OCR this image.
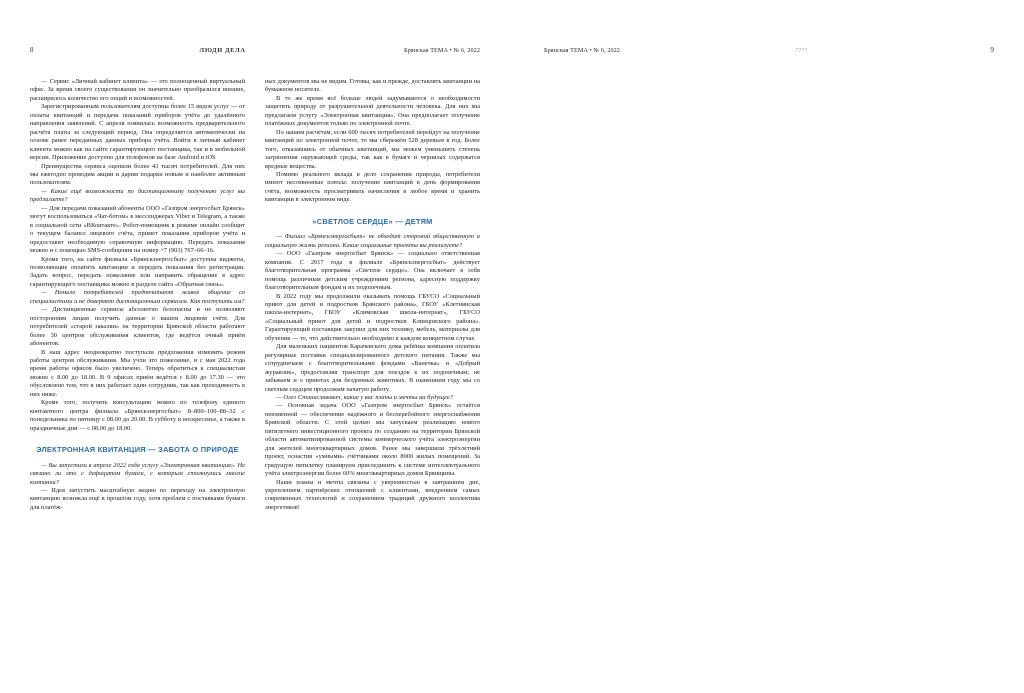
8	ЛЮДИ ДЕЛА	Брянская ТЕМА • № 6, 2022

— Сервис «Личный кабинет клиента» — это полноценный виртуальный офис. За время своего существования он значительно преобразился внешне, расширилось количество его опций и возможностей.

Зарегистрированным пользователям доступны более 15 видов услуг — от оплаты квитанций и передачи показаний приборов учёта до удалённого направления заявлений. С апреля появилась возможность предварительного расчёта платы за следующий период. Она определяется автоматически на основе ранее переданных данных прибора учёта. Войти в личный кабинет клиента можно как на сайте гарантирующего поставщика, так и в мобильной версии. Приложение доступно для телефонов на базе Android и iOS

Преимущества сервиса оценили более 43 тысяч потребителей. Для них мы ежегодно проводим акции и дарим подарки новым и наиболее активным пользователям.

— Какие ещё возможности по дистанционному получению услуг вы предлагаете?

— Для передачи показаний абоненты ООО «Газпром энергосбыт Брянск» могут воспользоваться «Чат-ботом» в мессенджерах Viber и Telegram, а также в социальной сети «ВКонтакте». Робот-помощник в режиме онлайн сообщит о текущем балансе лицевого счёта, примет показания приборов учёта и предоставит необходимую справочную информацию. Передать показания можно и с помощью SMS-сообщения на номер +7 (903) 767–66–16.

Кроме того, на сайте филиала «Брянскэнергосбыт» доступны виджеты, позволяющие оплатить квитанции и передать показания без регистрации. Задать вопрос, передать пожелание или направить обращение в адрес гарантирующего поставщика можно в разделе сайта «Обратная связь».

— Немало потребителей предпочитают живое общение со специалистами и не доверяют дистанционным сервисам. Как поступить им?

— Дистанционные сервисы абсолютно безопасны и не позволяют посторонним лицам получить данные о вашем лицевом счёте. Для потребителей «старой закалки» на территории Брянской области работают более 30 центров обслуживания клиентов, где ведётся очный приём абонентов.

В наш адрес неоднократно поступали предложения изменить режим работы центров обслуживания. Мы учли это пожелание, и с мая 2022 года время работы офисов было увеличено. Теперь обратиться к специалистам можно с 8.00 до 18.00. В 9 офисах приём ведётся с 8.00 до 17.30 — это обусловлено тем, что в них работает один сотрудник, так как проходимость в них ниже.

Кроме того, получить консультацию можно по телефону единого контактного центра филиала «Брянскэнергосбыт» 8–800–100–88–32 с понедельника по пятницу с 08.00 до 20.00. В субботу и воскресенье, а также в праздничные дни — с 08.00 до 18.00.

ЭЛЕКТРОННАЯ КВИТАНЦИЯ — ЗАБОТА О ПРИРОДЕ

— Вы запустили в апреле 2022 года услугу «Электронная квитанция». Не связано ли это с дефицитом бумаги, с которым столкнулись многие компании?

— Идея запустить масштабную акцию по переходу на электронную квитанцию возникла ещё в прошлом году, хотя проблем с поставками бумаги для платёж-

ных документов мы не видим. Готовы, как и прежде, доставлять квитанции на бумажном носителе.

В то же время всё больше людей задумываются о необходимости защитить природу от разрушительной деятельности человека. Для них мы предлагаем услугу «Электронная квитанция». Она предполагает получение платёжных документов только по электронной почте.

По нашим расчётам, если 600 тысяч потребителей перейдут на получение квитанций по электронной почте, то мы сбережём 528 деревьев в год. Более того, отказавшись от обычных квитанций, мы можем уменьшить степень загрязнения окружающей среды, так как в бумаге и чернилах содержатся вредные вещества.

Помимо реального вклада в дело сохранения природы, потребители имеют несомненные плюсы: получение квитанций в день формирования счёта, возможность просматривать начисления в любое время и хранить квитанции в электронном виде.

«СВЕТЛОЕ СЕРДЦЕ» — ДЕТЯМ

— Филиал «Брянскэнергосбыт» не обходит стороной общественную и социальную жизнь региона. Какие социальные проекты вы реализуете?

— ООО «Газпром энергосбыт Брянск» — социально ответственная компания. С 2017 года в филиале «Брянскэнергосбыт» действует благотворительная программа «Светлое сердце». Она включает в себя помощь различным детским учреждениям региона, адресную поддержку благотворительным фондам и их подопечным.

В 2022 году мы продолжили оказывать помощь ГБУСО «Социальный приют для детей и подростков Брянского района», ГБОУ «Клетнянская школа-интернат», ГБОУ «Климовская школа-интернат», ГБУСО «Социальный приют для детей и подростков Клинцовского района». Гарантирующий поставщик закупил для них технику, мебель, материалы для обучения — то, что действительно необходимо в каждом конкретном случае.

Для маленьких пациентов Карачевского дома ребёнка компания оплатила регулярные поставки специализированного детского питания. Также мы сотрудничаем с благотворительными фондами «Ванечка» и «Добрый журавлик», предоставляя транспорт для поездок к их подопечным; не забываем и о приютах для бездомных животных. В нынешнем году мы со светлым сердцем продолжим начатую работу.

— Олег Станиславович, какие у вас планы и мечты на будущее?

— Основная задача ООО «Газпром энергосбыт Брянск» остаётся неизменной — обеспечение надёжного и бесперебойного энергоснабжения Брянской области. С этой целью мы запускаем реализацию нового пятилетнего инвестиционного проекта по созданию на территории Брянской области автоматизированной системы коммерческого учёта электроэнергии для жителей многоквартирных домов. Ранее мы завершили трёхлетний проект, оснастив «умными» счётчиками около 8000 жилых помещений. За грядущую пятилетку планируем присоединить к системе интеллектуального учёта электроэнергии более 60% многоквартирных домов Брянщины.

Наши планы и мечты связаны с уверенностью в завтрашнем дне, укреплением партнёрских отношений с клиентами, внедрением самых современных технологий и сохранением традиций дружного коллектива энергетиков!

Брянская ТЕМА • № 6, 2022	????	9
